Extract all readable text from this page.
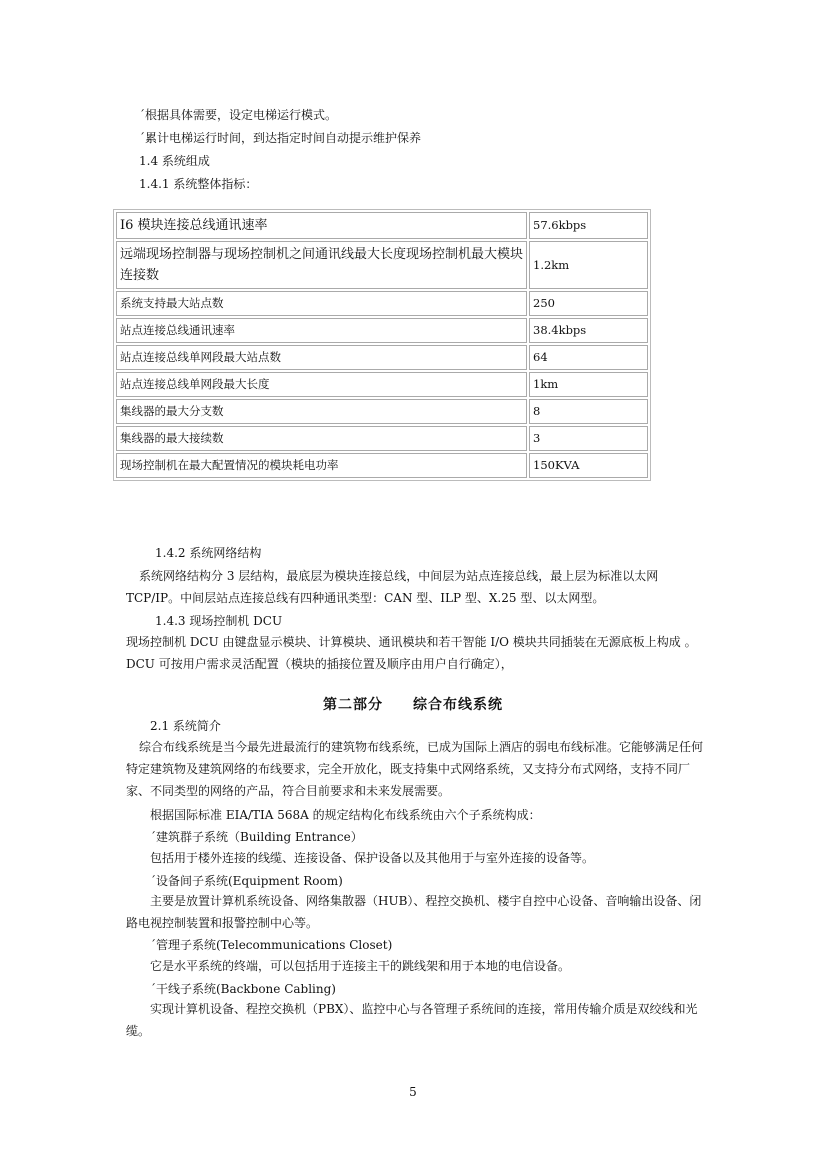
´根据具体需要，设定电梯运行模式。
´累计电梯运行时间，到达指定时间自动提示维护保养
1.4 系统组成
1.4.1 系统整体指标：
I6 模块连接总线通讯速率	57.6kbps
远端现场控制器与现场控制机之间通讯线最大长度现场控制机最大模块连接数	1.2km
系统支持最大站点数	250
站点连接总线通讯速率	38.4kbps
站点连接总线单网段最大站点数	64
站点连接总线单网段最大长度	1km
集线器的最大分支数	8
集线器的最大接续数	3
现场控制机在最大配置情况的模块耗电功率	150KVA
1.4.2 系统网络结构
系统网络结构分 3 层结构，最底层为模块连接总线，中间层为站点连接总线，最上层为标准以太网TCP/IP。中间层站点连接总线有四种通讯类型：CAN 型、ILP 型、X.25 型、以太网型。
1.4.3 现场控制机 DCU
现场控制机 DCU 由键盘显示模块、计算模块、通讯模块和若干智能 I/O 模块共同插装在无源底板上构成 。DCU 可按用户需求灵活配置（模块的插接位置及顺序由用户自行确定），
第二部分 综合布线系统
2.1 系统简介
综合布线系统是当今最先进最流行的建筑物布线系统，已成为国际上酒店的弱电布线标准。它能够满足任何特定建筑物及建筑网络的布线要求，完全开放化，既支持集中式网络系统，又支持分布式网络，支持不同厂家、不同类型的网络的产品，符合目前要求和未来发展需要。
根据国际标准 EIA/TIA 568A 的规定结构化布线系统由六个子系统构成：
´建筑群子系统（Building Entrance）
包括用于楼外连接的线缆、连接设备、保护设备以及其他用于与室外连接的设备等。
´设备间子系统(Equipment Room)
主要是放置计算机系统设备、网络集散器（HUB）、程控交换机、楼宇自控中心设备、音响输出设备、闭路电视控制装置和报警控制中心等。
´管理子系统(Telecommunications Closet)
它是水平系统的终端，可以包括用于连接主干的跳线架和用于本地的电信设备。
´干线子系统(Backbone Cabling)
实现计算机设备、程控交换机（PBX）、监控中心与各管理子系统间的连接，常用传输介质是双绞线和光缆。
5
